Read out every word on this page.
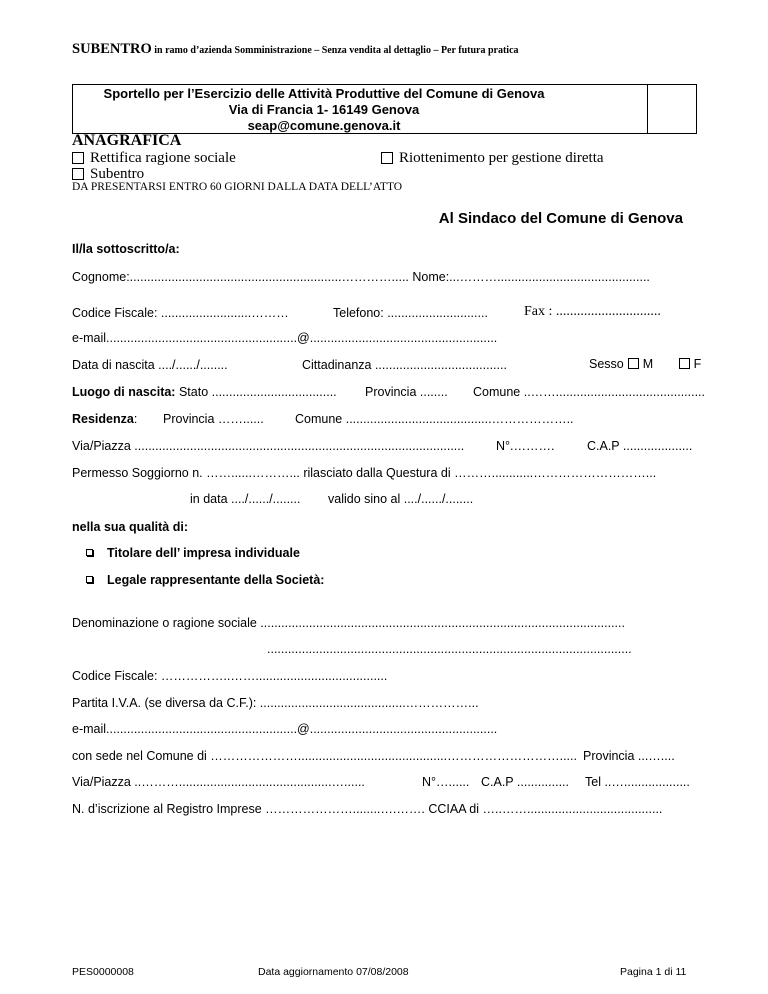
SUBENTRO in ramo d’azienda Somministrazione – Senza vendita al dettaglio – Per futura pratica
Sportello per l’Esercizio delle Attività Produttive del Comune di Genova
Via di Francia 1- 16149 Genova
seap@comune.genova.it
ANAGRAFICA
Rettifica ragione sociale	Riottenimento per gestione diretta
Subentro
DA PRESENTARSI ENTRO 60 GIORNI DALLA DATA DELL’ATTO
Al Sindaco del Comune di Genova
Il/la sottoscritto/a:
Cognome:.............................................................…………..... Nome:...………............................................
Codice Fiscale: ..........................………	Telefono: .............................	Fax : ..............................
e-mail.......................................................@......................................................
Data di nascita ..../....../........	Cittadinanza ......................................	Sesso M	F
Luogo di nascita: Stato .................................... Provincia ........ Comune ..……...........................................
Residenza: Provincia ……......	Comune ..........................................………………..
Via/Piazza ...............................................................................................	N°.……….	C.A.P ....................
Permesso Soggiorno n. ……......………... rilasciato dalla Questura di ………............………………………...
in data ..../....../........ valido sino al ..../....../........
nella sua qualità di:
Titolare dell’ impresa individuale
Legale rappresentante della Società:
Denominazione o ragione sociale .........................................................................................................
.........................................................................................................
Codice Fiscale: ……………..……......................................
Partita I.V.A. (se diversa da C.F.): ..........................................……………...
e-mail.......................................................@......................................................
con sede nel Comune di …………………...........................................………………………..... Provincia ...…....
Via/Piazza ..………............................................…......	N°…...... C.A.P ............... Tel ..…...................
N. d’iscrizione al Registro Imprese …………………........….……. CCIAA di …..…….......................................
PES0000008	Data aggiornamento 07/08/2008	Pagina 1 di 11
